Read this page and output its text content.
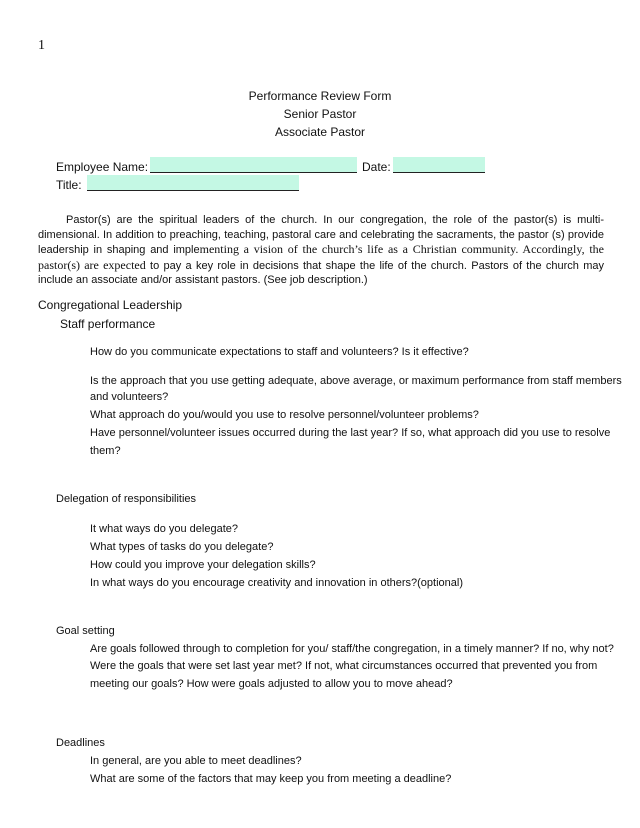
1
Performance Review Form
Senior Pastor
Associate Pastor
Employee Name:	Date:
Title:
Pastor(s) are the spiritual leaders of the church. In our congregation, the role of the pastor(s) is multi-dimensional. In addition to preaching, teaching, pastoral care and celebrating the sacraments, the pastor (s) provide leadership in shaping and implementing a vision of the church’s life as a Christian community. Accordingly, the pastor(s) are expected to pay a key role in decisions that shape the life of the church. Pastors of the church may include an associate and/or assistant pastors. (See job description.)
Congregational Leadership
Staff performance
How do you communicate expectations to staff and volunteers? Is it effective?
Is the approach that you use getting adequate, above average, or maximum performance from staff members
and volunteers?
What approach do you/would you use to resolve personnel/volunteer problems?
Have personnel/volunteer issues occurred during the last year? If so, what approach did you use to resolve
them?
Delegation of responsibilities
It what ways do you delegate?
What types of tasks do you delegate?
How could you improve your delegation skills?
In what ways do you encourage creativity and innovation in others?(optional)
Goal setting
Are goals followed through to completion for you/ staff/the congregation, in a timely manner? If no, why not?
Were the goals that were set last year met? If not, what circumstances occurred that prevented you from
meeting our goals? How were goals adjusted to allow you to move ahead?
Deadlines
In general, are you able to meet deadlines?
What are some of the factors that may keep you from meeting a deadline?
